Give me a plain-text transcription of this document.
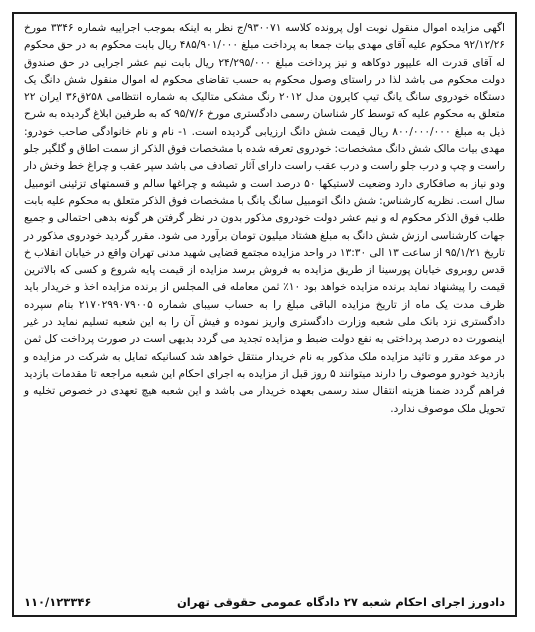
اگهی مزایده اموال منقول نوبت اول پرونده کلاسه ۹۳۰۰۷۱/ج نظر به اینکه بموجب اجراییه شماره ۳۳۴۶ مورخ ۹۲/۱۲/۲۶ محکوم علیه آقای مهدی بیات جمعا به پرداخت مبلغ ۴۸۵/۹۰۱/۰۰۰ ریال بابت محکوم به در حق محکوم له آقای قدرت اله علیپور دوکاهه و نیز پرداخت مبلغ ۲۴/۲۹۵/۰۰۰ ریال بابت نیم عشر اجرایی در حق صندوق دولت محکوم می باشد لذا در راستای وصول محکوم به حسب تقاضای محکوم له اموال منقول شش دانگ یک دستگاه خودروی سانگ یانگ تیپ کایرون مدل ۲۰۱۲ رنگ مشکی متالیک به شماره انتظامی ۲۵۸ق۳۶ ایران ۲۲ متعلق به محکوم علیه که توسط کار شناسان رسمی دادگستری مورخ ۹۵/۷/۶ که به طرفین ابلاغ گردیده به شرح ذیل به مبلغ ۸۰۰/۰۰۰/۰۰۰ ریال قیمت شش دانگ ارزیابی گردیده است. ۱- نام و نام خانوادگی صاحب خودرو: مهدی بیات مالک شش دانگ مشخصات: خودروی تعرفه شده با مشخصات فوق الذکر از سمت اطاق و گلگیر جلو راست و چپ و درب جلو راست و درب عقب راست دارای آثار تصادف می باشد سپر عقب و چراغ خط وخش دار ودو نیاز به صافکاری دارد وضعیت لاستیکها ۵۰ درصد است و شیشه و چراغها سالم و قسمتهای تزئینی اتومبیل سال است. نظریه کارشناس: شش دانگ اتومبیل سانگ یانگ با مشخصات فوق الذکر متعلق به محکوم علیه بابت طلب فوق الذکر محکوم له و نیم عشر دولت خودروی مذکور بدون در نظر گرفتن هر گونه بدهی احتمالی و جمیع جهات کارشناسی ارزش شش دانگ به مبلغ هشتاد میلیون تومان برآورد می شود. مقرر گردید خودروی مذکور در تاریخ ۹۵/۱/۲۱ از ساعت ۱۳ الی ۱۳:۳۰ در واحد مزایده مجتمع قضایی شهید مدنی تهران واقع در خیابان انقلاب خ قدس روبروی خیابان پورسینا از طریق مزایده به فروش برسد مزایده از قیمت پایه شروع و کسی که بالاترین قیمت را پیشنهاد نماید برنده مزایده خواهد بود ۱۰٪ ثمن معامله فی المجلس از برنده مزایده اخذ و خریدار باید ظرف مدت یک ماه از تاریخ مزایده الباقی مبلغ را به حساب سیبای شماره ۲۱۷۰۲۹۹۰۷۹۰۰۵ بنام سپرده دادگستری نزد بانک ملی شعبه وزارت دادگستری واریز نموده و فیش آن را به این شعبه تسلیم نماید در غیر اینصورت ده درصد پرداختی به نفع دولت ضبط و مزایده تجدید می گردد بدیهی است در صورت پرداخت کل ثمن در موعد مقرر و تائید مزایده ملک مذکور به نام خریدار منتقل خواهد شد کسانیکه تمایل به شرکت در مزایده و بازدید خودرو موصوف را دارند میتوانند ۵ روز قبل از مزایده به اجرای احکام این شعبه مراجعه تا مقدمات بازدید فراهم گردد ضمنا هزینه انتقال سند رسمی بعهده خریدار می باشد و این شعبه هیچ تعهدی در خصوص تخلیه و تحویل ملک موصوف ندارد.

دادورز اجرای احکام شعبه ۲۷ دادگاه عمومی حقوقی تهران
۱۱۰/۱۲۳۳۴۶
